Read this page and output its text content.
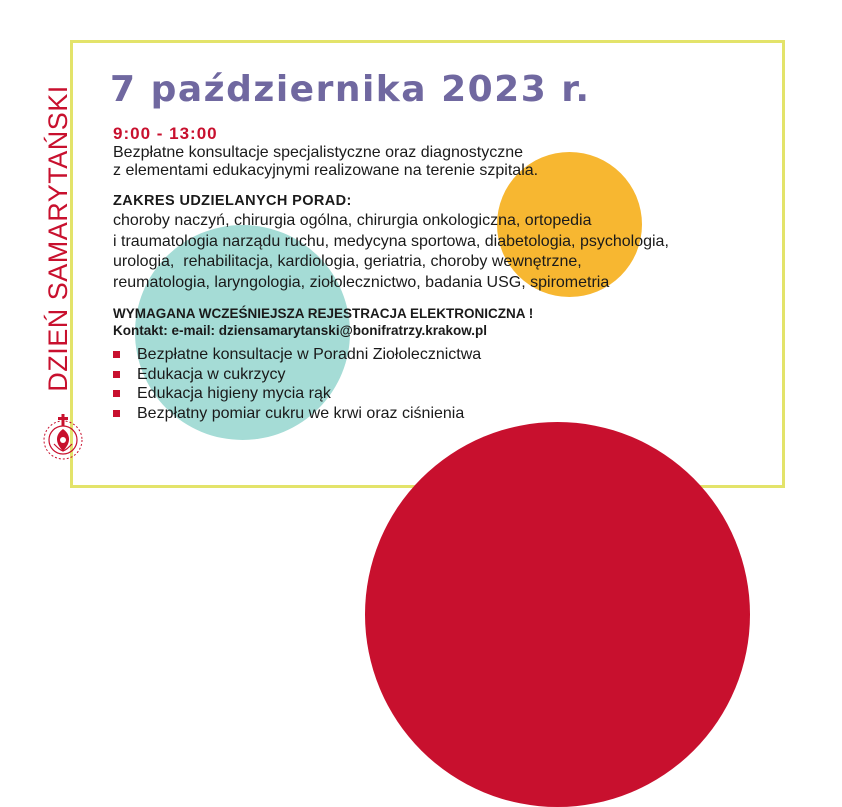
DZIEŃ SAMARYTAŃSKI 7 października 2023 r.
9:00 - 13:00
Bezpłatne konsultacje specjalistyczne oraz diagnostyczne
z elementami edukacyjnymi realizowane na terenie szpitala.
ZAKRES UDZIELANYCH PORAD:
choroby naczyń, chirurgia ogólna, chirurgia onkologiczna, ortopedia
i traumatologia narządu ruchu, medycyna sportowa, diabetologia, psychologia,
urologia,  rehabilitacja, kardiologia, geriatria, choroby wewnętrzne,
reumatologia, laryngologia, ziołolecznictwo, badania USG, spirometria
WYMAGANA WCZEŚNIEJSZA REJESTRACJA ELEKTRONICZNA !
Kontakt: e-mail: dziensamarytanski@bonifratrzy.krakow.pl
Bezpłatne konsultacje w Poradni Ziołolecznictwa
Edukacja w cukrzycy
Edukacja higieny mycia rąk
Bezpłatny pomiar cukru we krwi oraz ciśnienia
